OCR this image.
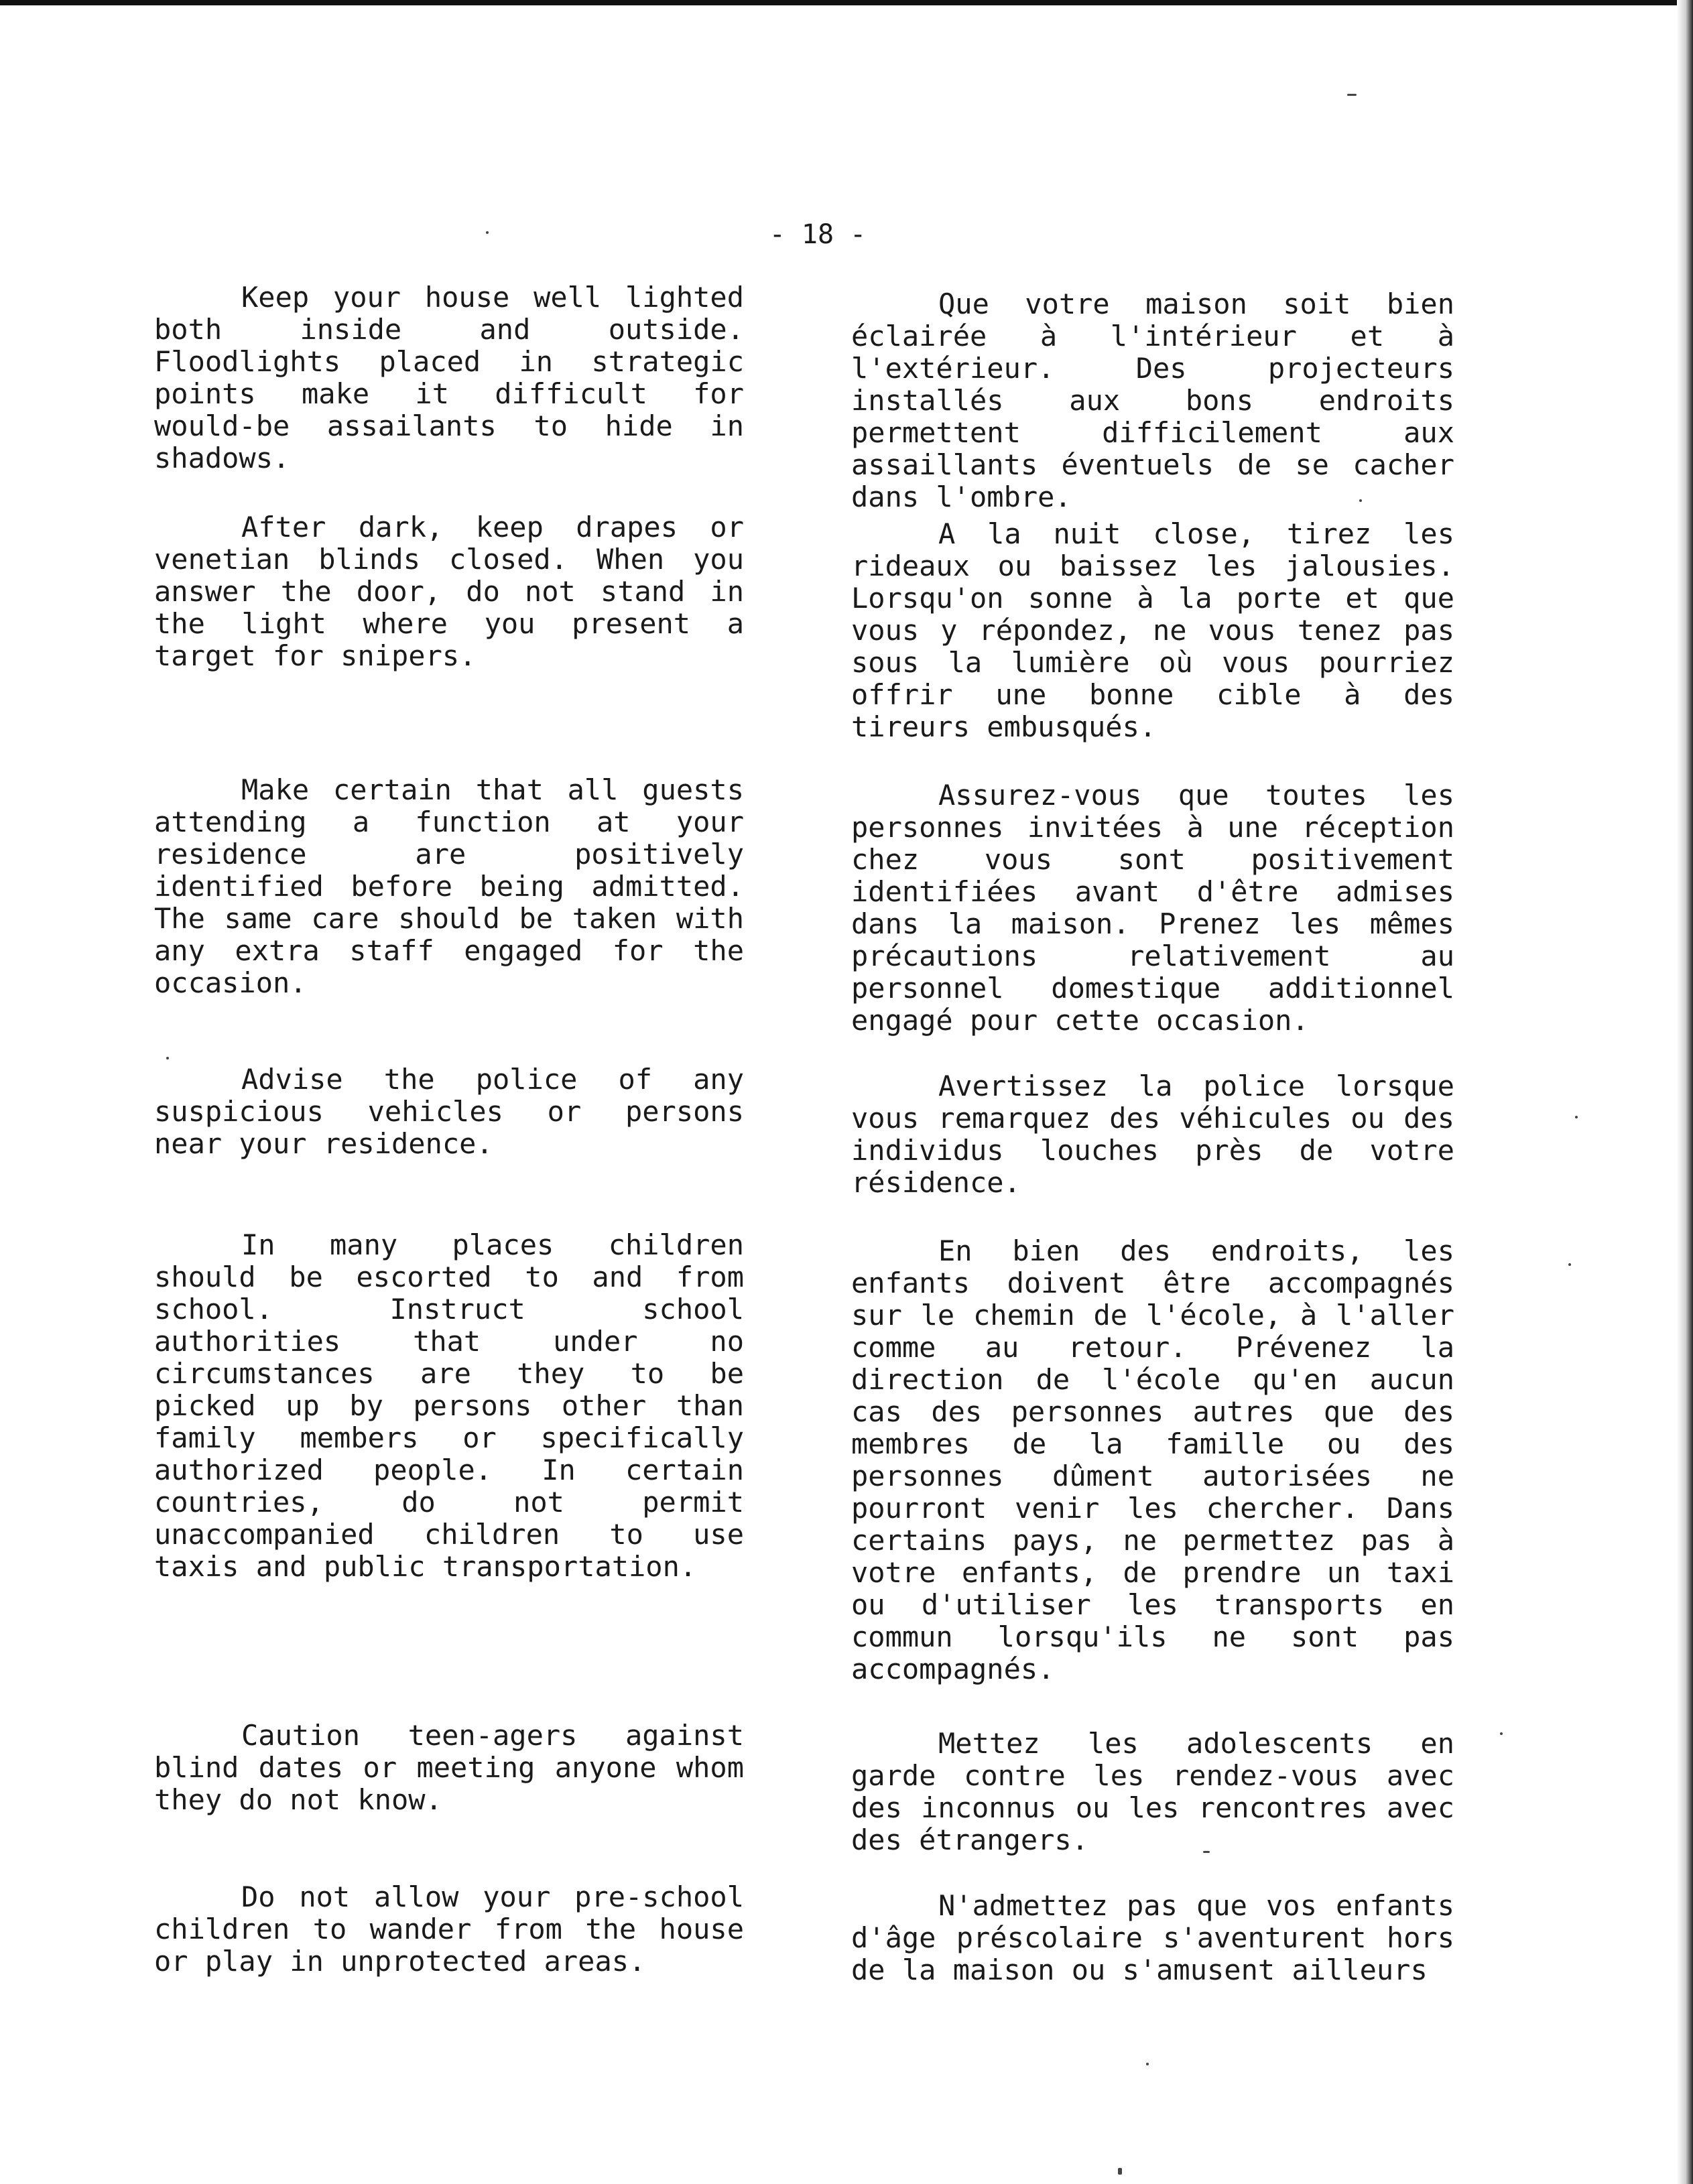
- 18 -

Keep your house well lighted both inside and outside. Floodlights placed in strategic points make it difficult for would-be assailants to hide in shadows.

After dark, keep drapes or venetian blinds closed. When you answer the door, do not stand in the light where you present a target for snipers.

Make certain that all guests attending a function at your residence are positively identified before being admitted. The same care should be taken with any extra staff engaged for the occasion.

Advise the police of any suspicious vehicles or persons near your residence.

In many places children should be escorted to and from school. Instruct school authorities that under no circumstances are they to be picked up by persons other than family members or specifically authorized people. In certain countries, do not permit unaccompanied children to use taxis and public transportation.

Caution teen-agers against blind dates or meeting anyone whom they do not know.

Do not allow your pre-school children to wander from the house or play in unprotected areas.

Que votre maison soit bien éclairée à l'intérieur et à l'extérieur. Des projecteurs installés aux bons endroits permettent difficilement aux assaillants éventuels de se cacher dans l'ombre.

A la nuit close, tirez les rideaux ou baissez les jalousies. Lorsqu'on sonne à la porte et que vous y répondez, ne vous tenez pas sous la lumière où vous pourriez offrir une bonne cible à des tireurs embusqués.

Assurez-vous que toutes les personnes invitées à une réception chez vous sont positivement identifiées avant d'être admises dans la maison. Prenez les mêmes précautions relativement au personnel domestique additionnel engagé pour cette occasion.

Avertissez la police lorsque vous remarquez des véhicules ou des individus louches près de votre résidence.

En bien des endroits, les enfants doivent être accompagnés sur le chemin de l'école, à l'aller comme au retour. Prévenez la direction de l'école qu'en aucun cas des personnes autres que des membres de la famille ou des personnes dûment autorisées ne pourront venir les chercher. Dans certains pays, ne permettez pas à votre enfants, de prendre un taxi ou d'utiliser les transports en commun lorsqu'ils ne sont pas accompagnés.

Mettez les adolescents en garde contre les rendez-vous avec des inconnus ou les rencontres avec des étrangers.

N'admettez pas que vos enfants d'âge préscolaire s'aventurent hors de la maison ou s'amusent ailleurs
